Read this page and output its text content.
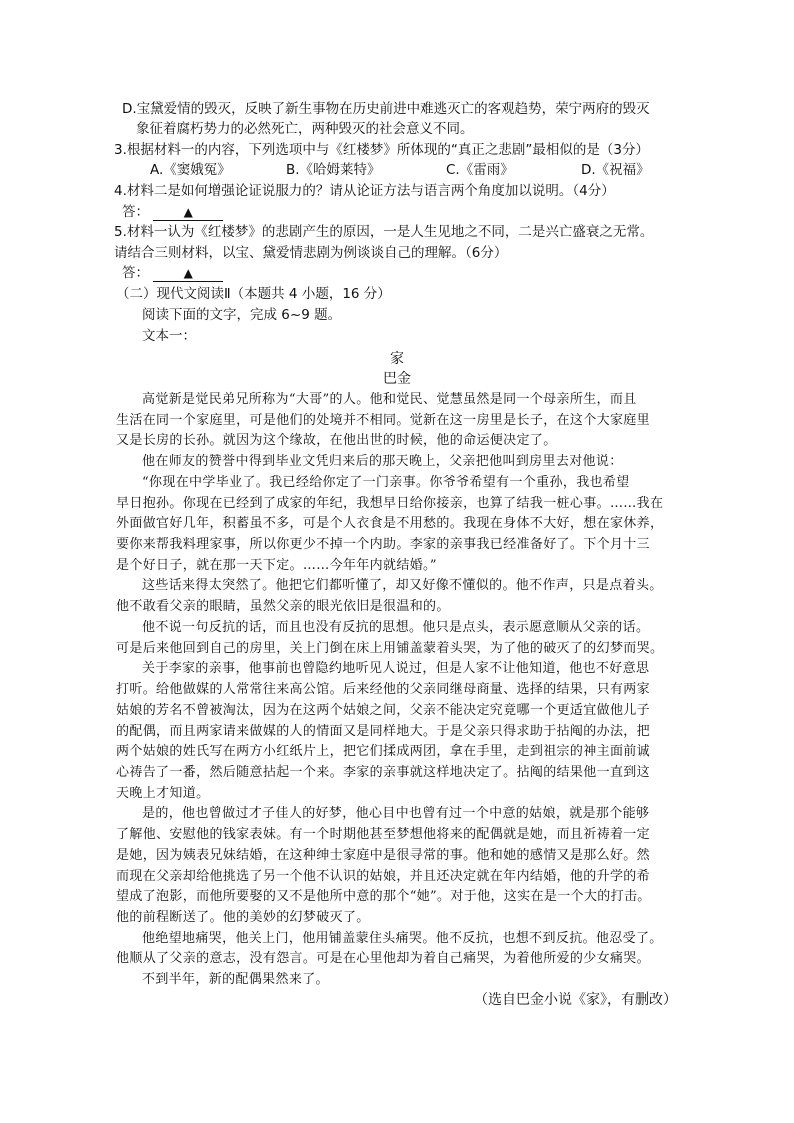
D.宝黛爱情的毁灭，反映了新生事物在历史前进中难逃灭亡的客观趋势，荣宁两府的毁灭
象征着腐朽势力的必然死亡，两种毁灭的社会意义不同。
3.根据材料一的内容，下列选项中与《红楼梦》所体现的“真正之悲剧”最相似的是（3分）
A.《窦娥冤》	B.《哈姆莱特》	C.《雷雨》	D.《祝福》
4.材料二是如何增强论证说服力的？请从论证方法与语言两个角度加以说明。（4分）
答：	▲
5.材料一认为《红楼梦》的悲剧产生的原因，一是人生见地之不同，二是兴亡盛衰之无常。
请结合三则材料，以宝、黛爱情悲剧为例谈谈自己的理解。（6分）
答：	▲
（二）现代文阅读Ⅱ（本题共 4 小题，16 分）
阅读下面的文字，完成 6~9 题。
文本一：
家
巴金
高觉新是觉民弟兄所称为“大哥”的人。他和觉民、觉慧虽然是同一个母亲所生，而且
生活在同一个家庭里，可是他们的处境并不相同。觉新在这一房里是长子，在这个大家庭里
又是长房的长孙。就因为这个缘故，在他出世的时候，他的命运便决定了。
他在师友的赞誉中得到毕业文凭归来后的那天晚上，父亲把他叫到房里去对他说：
“你现在中学毕业了。我已经给你定了一门亲事。你爷爷希望有一个重孙，我也希望
早日抱孙。你现在已经到了成家的年纪，我想早日给你接亲，也算了结我一桩心事。……我在
外面做官好几年，积蓄虽不多，可是个人衣食是不用愁的。我现在身体不大好，想在家休养，
要你来帮我料理家事，所以你更少不掉一个内助。李家的亲事我已经准备好了。下个月十三
是个好日子，就在那一天下定。……今年年内就结婚。”
这些话来得太突然了。他把它们都听懂了，却又好像不懂似的。他不作声，只是点着头。
他不敢看父亲的眼睛，虽然父亲的眼光依旧是很温和的。
他不说一句反抗的话，而且也没有反抗的思想。他只是点头，表示愿意顺从父亲的话。
可是后来他回到自己的房里，关上门倒在床上用铺盖蒙着头哭，为了他的破灭了的幻梦而哭。
关于李家的亲事，他事前也曾隐约地听见人说过，但是人家不让他知道，他也不好意思
打听。给他做媒的人常常往来高公馆。后来经他的父亲同继母商量、选择的结果，只有两家
姑娘的芳名不曾被淘汰，因为在这两个姑娘之间，父亲不能决定究竟哪一个更适宜做他儿子
的配偶，而且两家请来做媒的人的情面又是同样地大。于是父亲只得求助于拈阄的办法，把
两个姑娘的姓氏写在两方小红纸片上，把它们揉成两团，拿在手里，走到祖宗的神主面前诚
心祷告了一番，然后随意拈起一个来。李家的亲事就这样地决定了。拈阄的结果他一直到这
天晚上才知道。
是的，他也曾做过才子佳人的好梦，他心目中也曾有过一个中意的姑娘，就是那个能够
了解他、安慰他的钱家表妹。有一个时期他甚至梦想他将来的配偶就是她，而且祈祷着一定
是她，因为姨表兄妹结婚，在这种绅士家庭中是很寻常的事。他和她的感情又是那么好。然
而现在父亲却给他挑选了另一个他不认识的姑娘，并且还决定就在年内结婚，他的升学的希
望成了泡影，而他所要娶的又不是他所中意的那个“她”。对于他，这实在是一个大的打击。
他的前程断送了。他的美妙的幻梦破灭了。
他绝望地痛哭，他关上门，他用铺盖蒙住头痛哭。他不反抗，也想不到反抗。他忍受了。
他顺从了父亲的意志，没有怨言。可是在心里他却为着自己痛哭，为着他所爱的少女痛哭。
不到半年，新的配偶果然来了。
（选自巴金小说《家》，有删改）
